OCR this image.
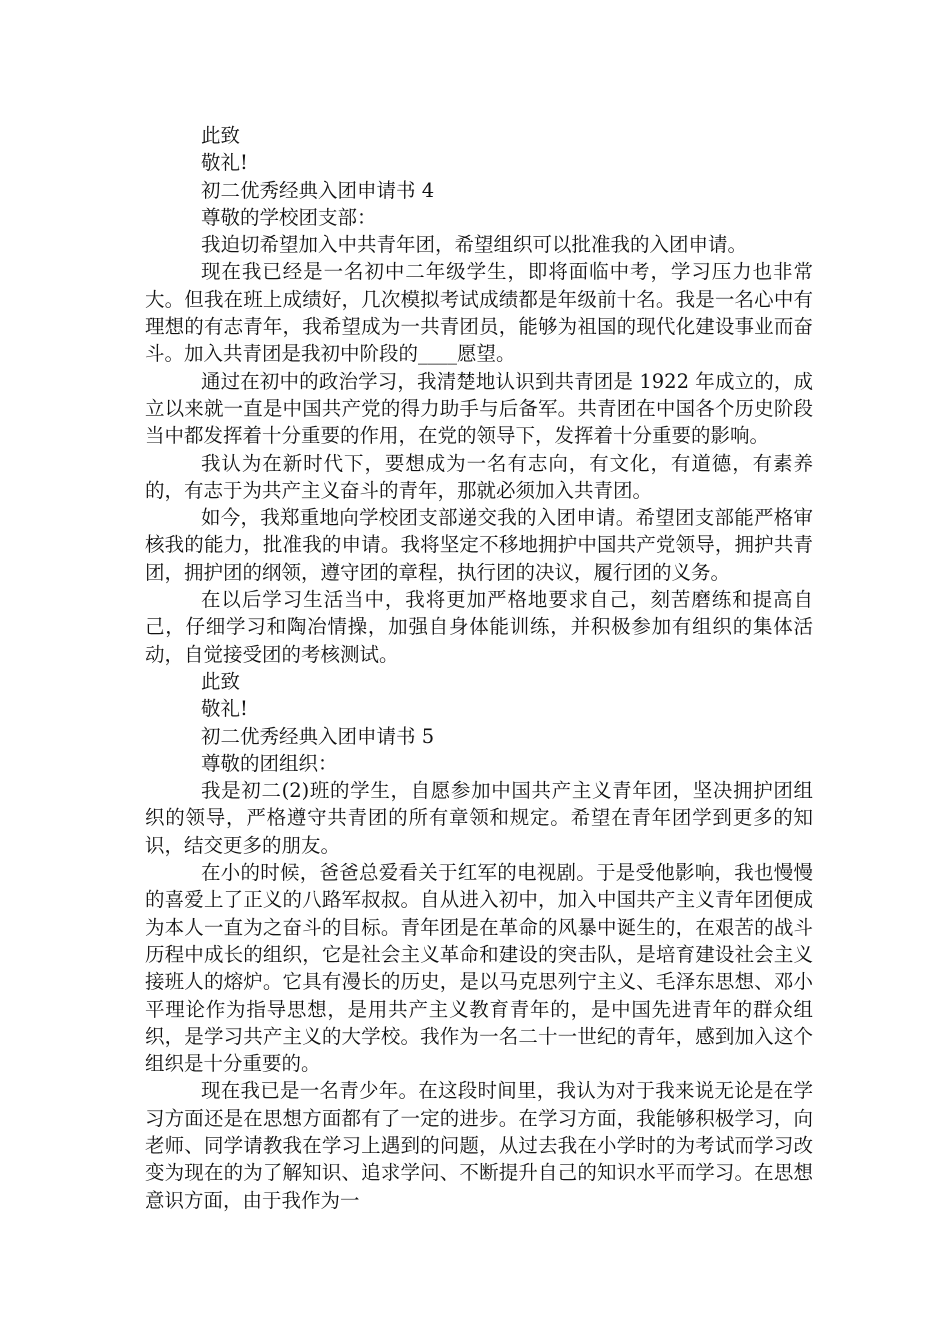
此致
敬礼!
初二优秀经典入团申请书 4
尊敬的学校团支部：

我迫切希望加入中共青年团，希望组织可以批准我的入团申请。

现在我已经是一名初中二年级学生，即将面临中考，学习压力也非常大。但我在班上成绩好，几次模拟考试成绩都是年级前十名。我是一名心中有理想的有志青年，我希望成为一共青团员，能够为祖国的现代化建设事业而奋斗。加入共青团是我初中阶段的____愿望。

通过在初中的政治学习，我清楚地认识到共青团是 1922 年成立的，成立以来就一直是中国共产党的得力助手与后备军。共青团在中国各个历史阶段当中都发挥着十分重要的作用，在党的领导下，发挥着十分重要的影响。

我认为在新时代下，要想成为一名有志向，有文化，有道德，有素养的，有志于为共产主义奋斗的青年，那就必须加入共青团。

如今，我郑重地向学校团支部递交我的入团申请。希望团支部能严格审核我的能力，批准我的申请。我将坚定不移地拥护中国共产党领导，拥护共青团，拥护团的纲领，遵守团的章程，执行团的决议，履行团的义务。

在以后学习生活当中，我将更加严格地要求自己，刻苦磨练和提高自己，仔细学习和陶冶情操，加强自身体能训练，并积极参加有组织的集体活动，自觉接受团的考核测试。

此致
敬礼!
初二优秀经典入团申请书 5
尊敬的团组织：

我是初二(2)班的学生，自愿参加中国共产主义青年团，坚决拥护团组织的领导，严格遵守共青团的所有章领和规定。希望在青年团学到更多的知识，结交更多的朋友。

在小的时候，爸爸总爱看关于红军的电视剧。于是受他影响，我也慢慢的喜爱上了正义的八路军叔叔。自从进入初中，加入中国共产主义青年团便成为本人一直为之奋斗的目标。青年团是在革命的风暴中诞生的，在艰苦的战斗历程中成长的组织，它是社会主义革命和建设的突击队，是培育建设社会主义接班人的熔炉。它具有漫长的历史，是以马克思列宁主义、毛泽东思想、邓小平理论作为指导思想，是用共产主义教育青年的，是中国先进青年的群众组织，是学习共产主义的大学校。我作为一名二十一世纪的青年，感到加入这个组织是十分重要的。

现在我已是一名青少年。在这段时间里，我认为对于我来说无论是在学习方面还是在思想方面都有了一定的进步。在学习方面，我能够积极学习，向老师、同学请教我在学习上遇到的问题，从过去我在小学时的为考试而学习改变为现在的为了解知识、追求学问、不断提升自己的知识水平而学习。在思想意识方面，由于我作为一
